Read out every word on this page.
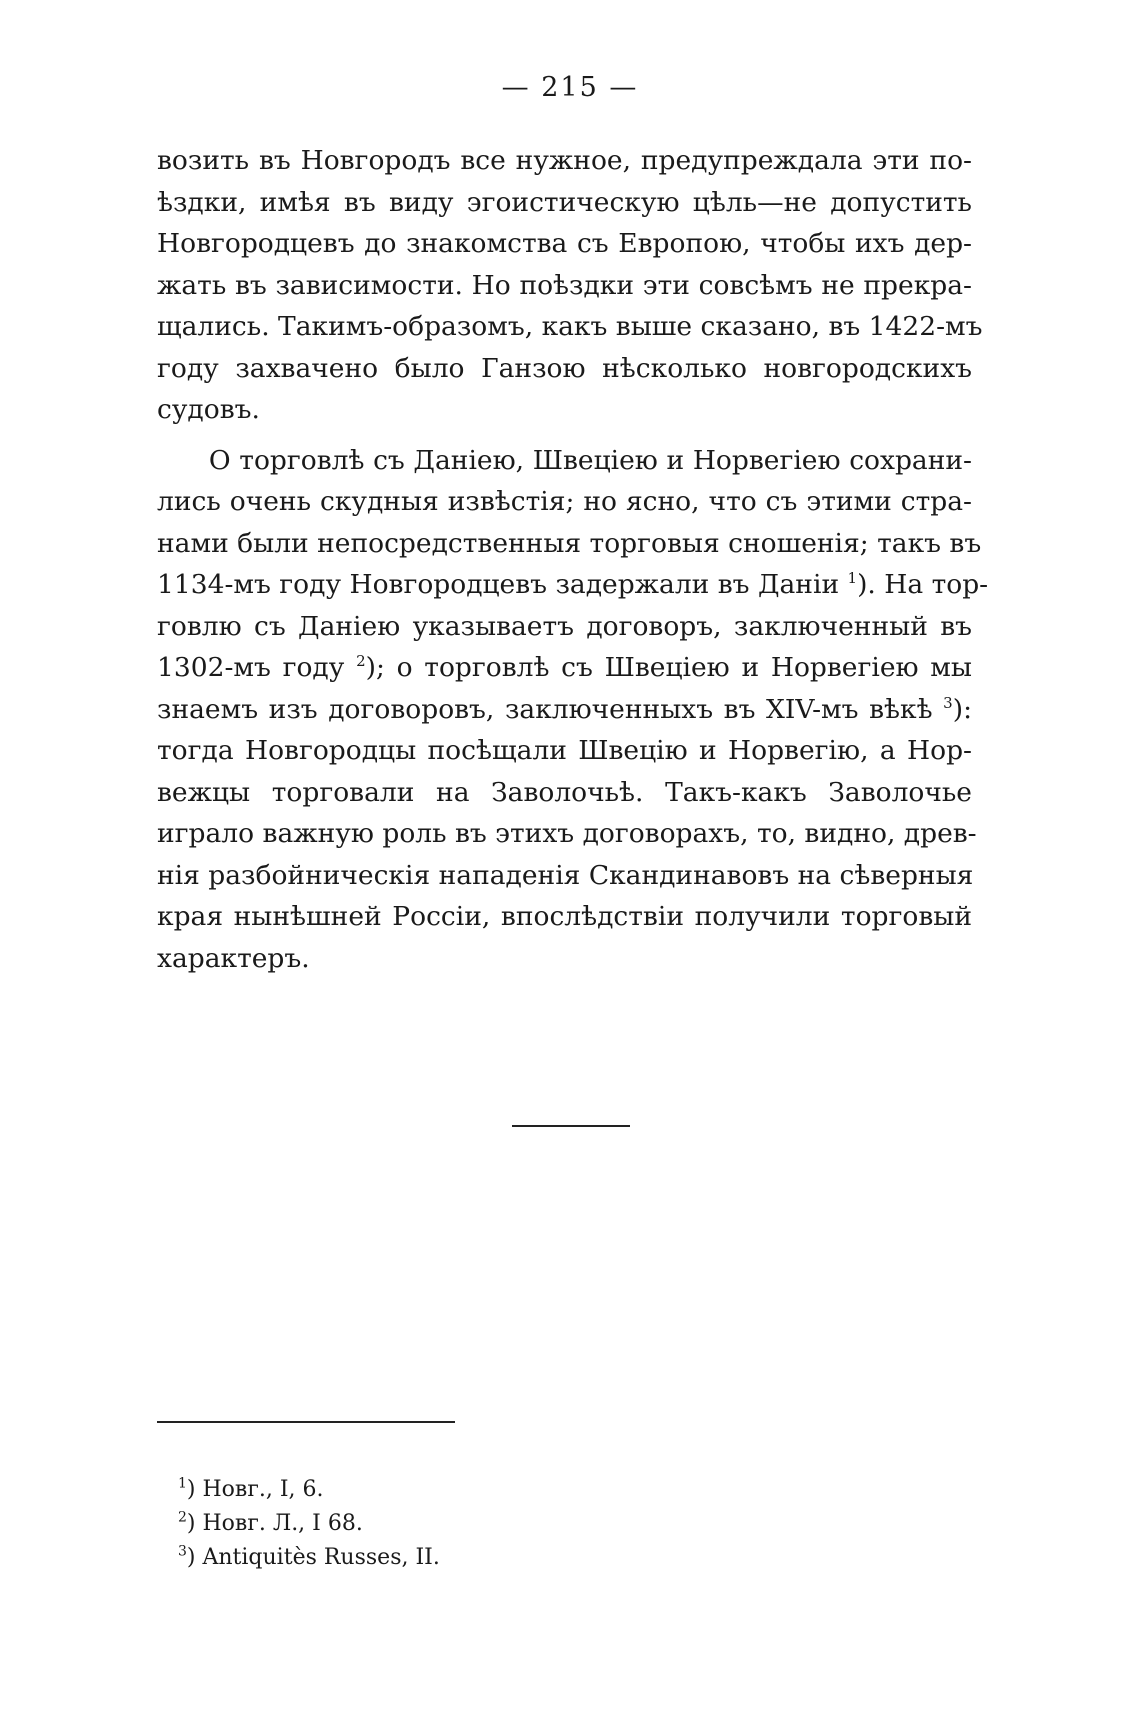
— 215 —
возить въ Новгородъ все нужное, предупреждала эти по-
ѣздки, имѣя въ виду эгоистическую цѣль—не допустить
Новгородцевъ до знакомства съ Европою, чтобы ихъ дер-
жать въ зависимости. Но поѣздки эти совсѣмъ не прекра-
щались. Такимъ-образомъ, какъ выше сказано, въ 1422-мъ
году захвачено было Ганзою нѣсколько новгородскихъ
судовъ.
О торговлѣ съ Данiею, Швецiею и Норвегiею сохрани-
лись очень скудныя извѣстiя; но ясно, что съ этими стра-
нами были непосредственныя торговыя сношенiя; такъ въ
1134-мъ году Новгородцевъ задержали въ Данiи $^1$). На тор-
говлю съ Данiею указываетъ договоръ, заключенный въ
1302-мъ году $^2$); о торговлѣ съ Швецiею и Норвегiею мы
знаемъ изъ договоровъ, заключенныхъ въ XIV-мъ вѣкѣ $^3$):
тогда Новгородцы посѣщали Швецiю и Норвегiю, а Нор-
вежцы торговали на Заволочьѣ. Такъ-какъ Заволочье
играло важную роль въ этихъ договорахъ, то, видно, древ-
нiя разбойническiя нападенiя Скандинавовъ на сѣверныя
края нынѣшней Россiи, впослѣдствiи получили торговый
характеръ.
$^1$) Новг., I, 6.
$^2$) Новг. Л., I 68.
$^3$) Antiquitès Russes, II.
